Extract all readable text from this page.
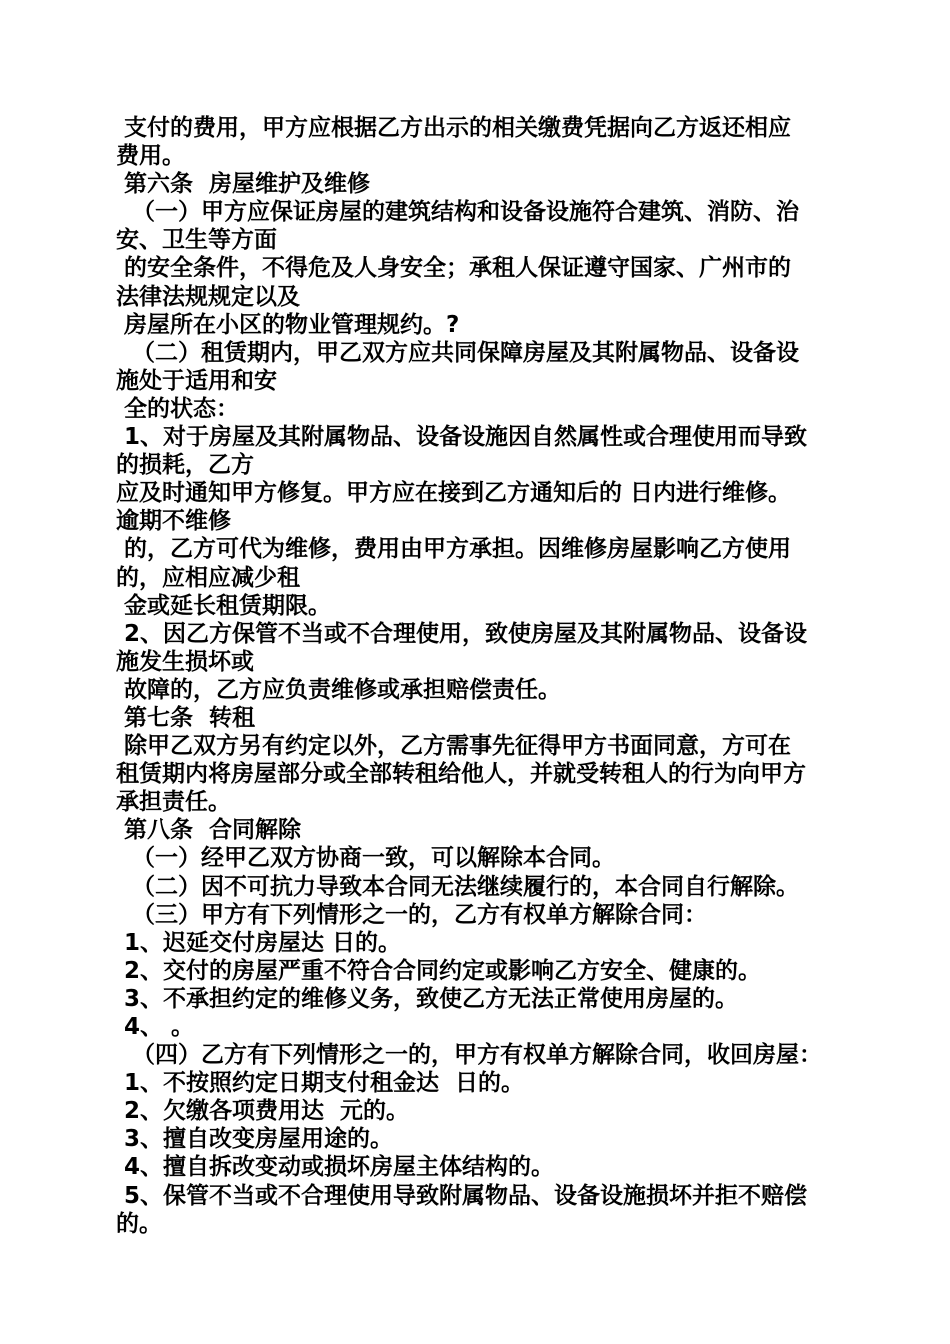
支付的费用，甲方应根据乙方出示的相关缴费凭据向乙方返还相应
费用。
第六条  房屋维护及维修
（一）甲方应保证房屋的建筑结构和设备设施符合建筑、消防、治
安、卫生等方面
的安全条件，不得危及人身安全；承租人保证遵守国家、广州市的
法律法规规定以及
房屋所在小区的物业管理规约。?
（二）租赁期内，甲乙双方应共同保障房屋及其附属物品、设备设
施处于适用和安
全的状态：
1、对于房屋及其附属物品、设备设施因自然属性或合理使用而导致
的损耗，乙方
应及时通知甲方修复。甲方应在接到乙方通知后的 日内进行维修。
逾期不维修
的，乙方可代为维修，费用由甲方承担。因维修房屋影响乙方使用
的，应相应减少租
金或延长租赁期限。
2、因乙方保管不当或不合理使用，致使房屋及其附属物品、设备设
施发生损坏或
故障的，乙方应负责维修或承担赔偿责任。
第七条  转租
除甲乙双方另有约定以外，乙方需事先征得甲方书面同意，方可在
租赁期内将房屋部分或全部转租给他人，并就受转租人的行为向甲方
承担责任。
第八条  合同解除
（一）经甲乙双方协商一致，可以解除本合同。
（二）因不可抗力导致本合同无法继续履行的，本合同自行解除。
（三）甲方有下列情形之一的，乙方有权单方解除合同：
1、迟延交付房屋达 日的。
2、交付的房屋严重不符合合同约定或影响乙方安全、健康的。
3、不承担约定的维修义务，致使乙方无法正常使用房屋的。
4、 。
（四）乙方有下列情形之一的，甲方有权单方解除合同，收回房屋：
1、不按照约定日期支付租金达  日的。
2、欠缴各项费用达  元的。
3、擅自改变房屋用途的。
4、擅自拆改变动或损坏房屋主体结构的。
5、保管不当或不合理使用导致附属物品、设备设施损坏并拒不赔偿
的。
